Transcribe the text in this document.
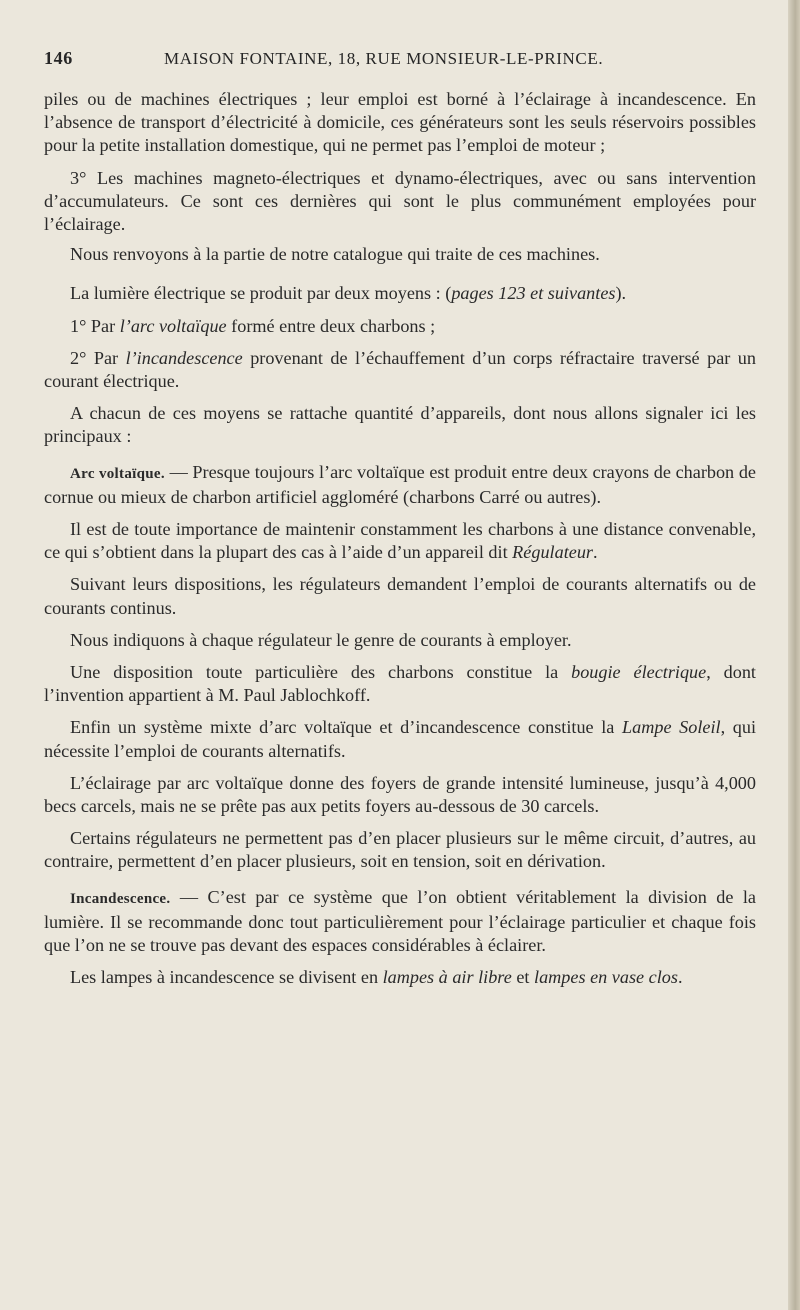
146	MAISON FONTAINE, 18, RUE MONSIEUR-LE-PRINCE.

piles ou de machines électriques ; leur emploi est borné à l’éclairage à incandescence. En l’absence de transport d’électricité à domicile, ces générateurs sont les seuls réservoirs possibles pour la petite installation domestique, qui ne permet pas l’emploi de moteur ;

3° Les machines magneto-électriques et dynamo-électriques, avec ou sans intervention d’accumulateurs. Ce sont ces dernières qui sont le plus communément employées pour l’éclairage.

Nous renvoyons à la partie de notre catalogue qui traite de ces machines.

La lumière électrique se produit par deux moyens : (pages 123 et suivantes).

1° Par l’arc voltaïque formé entre deux charbons ;

2° Par l’incandescence provenant de l’échauffement d’un corps réfractaire traversé par un courant électrique.

A chacun de ces moyens se rattache quantité d’appareils, dont nous allons signaler ici les principaux :

Arc voltaïque. — Presque toujours l’arc voltaïque est produit entre deux crayons de charbon de cornue ou mieux de charbon artificiel aggloméré (charbons Carré ou autres).

Il est de toute importance de maintenir constamment les charbons à une distance convenable, ce qui s’obtient dans la plupart des cas à l’aide d’un appareil dit Régulateur.

Suivant leurs dispositions, les régulateurs demandent l’emploi de courants alternatifs ou de courants continus.

Nous indiquons à chaque régulateur le genre de courants à employer.

Une disposition toute particulière des charbons constitue la bougie électrique, dont l’invention appartient à M. Paul Jablochkoff.

Enfin un système mixte d’arc voltaïque et d’incandescence constitue la Lampe Soleil, qui nécessite l’emploi de courants alternatifs.

L’éclairage par arc voltaïque donne des foyers de grande intensité lumineuse, jusqu’à 4,000 becs carcels, mais ne se prête pas aux petits foyers au-dessous de 30 carcels.

Certains régulateurs ne permettent pas d’en placer plusieurs sur le même circuit, d’autres, au contraire, permettent d’en placer plusieurs, soit en tension, soit en dérivation.

Incandescence. — C’est par ce système que l’on obtient véritablement la division de la lumière. Il se recommande donc tout particulièrement pour l’éclairage particulier et chaque fois que l’on ne se trouve pas devant des espaces considérables à éclairer.

Les lampes à incandescence se divisent en lampes à air libre et lampes en vase clos.
